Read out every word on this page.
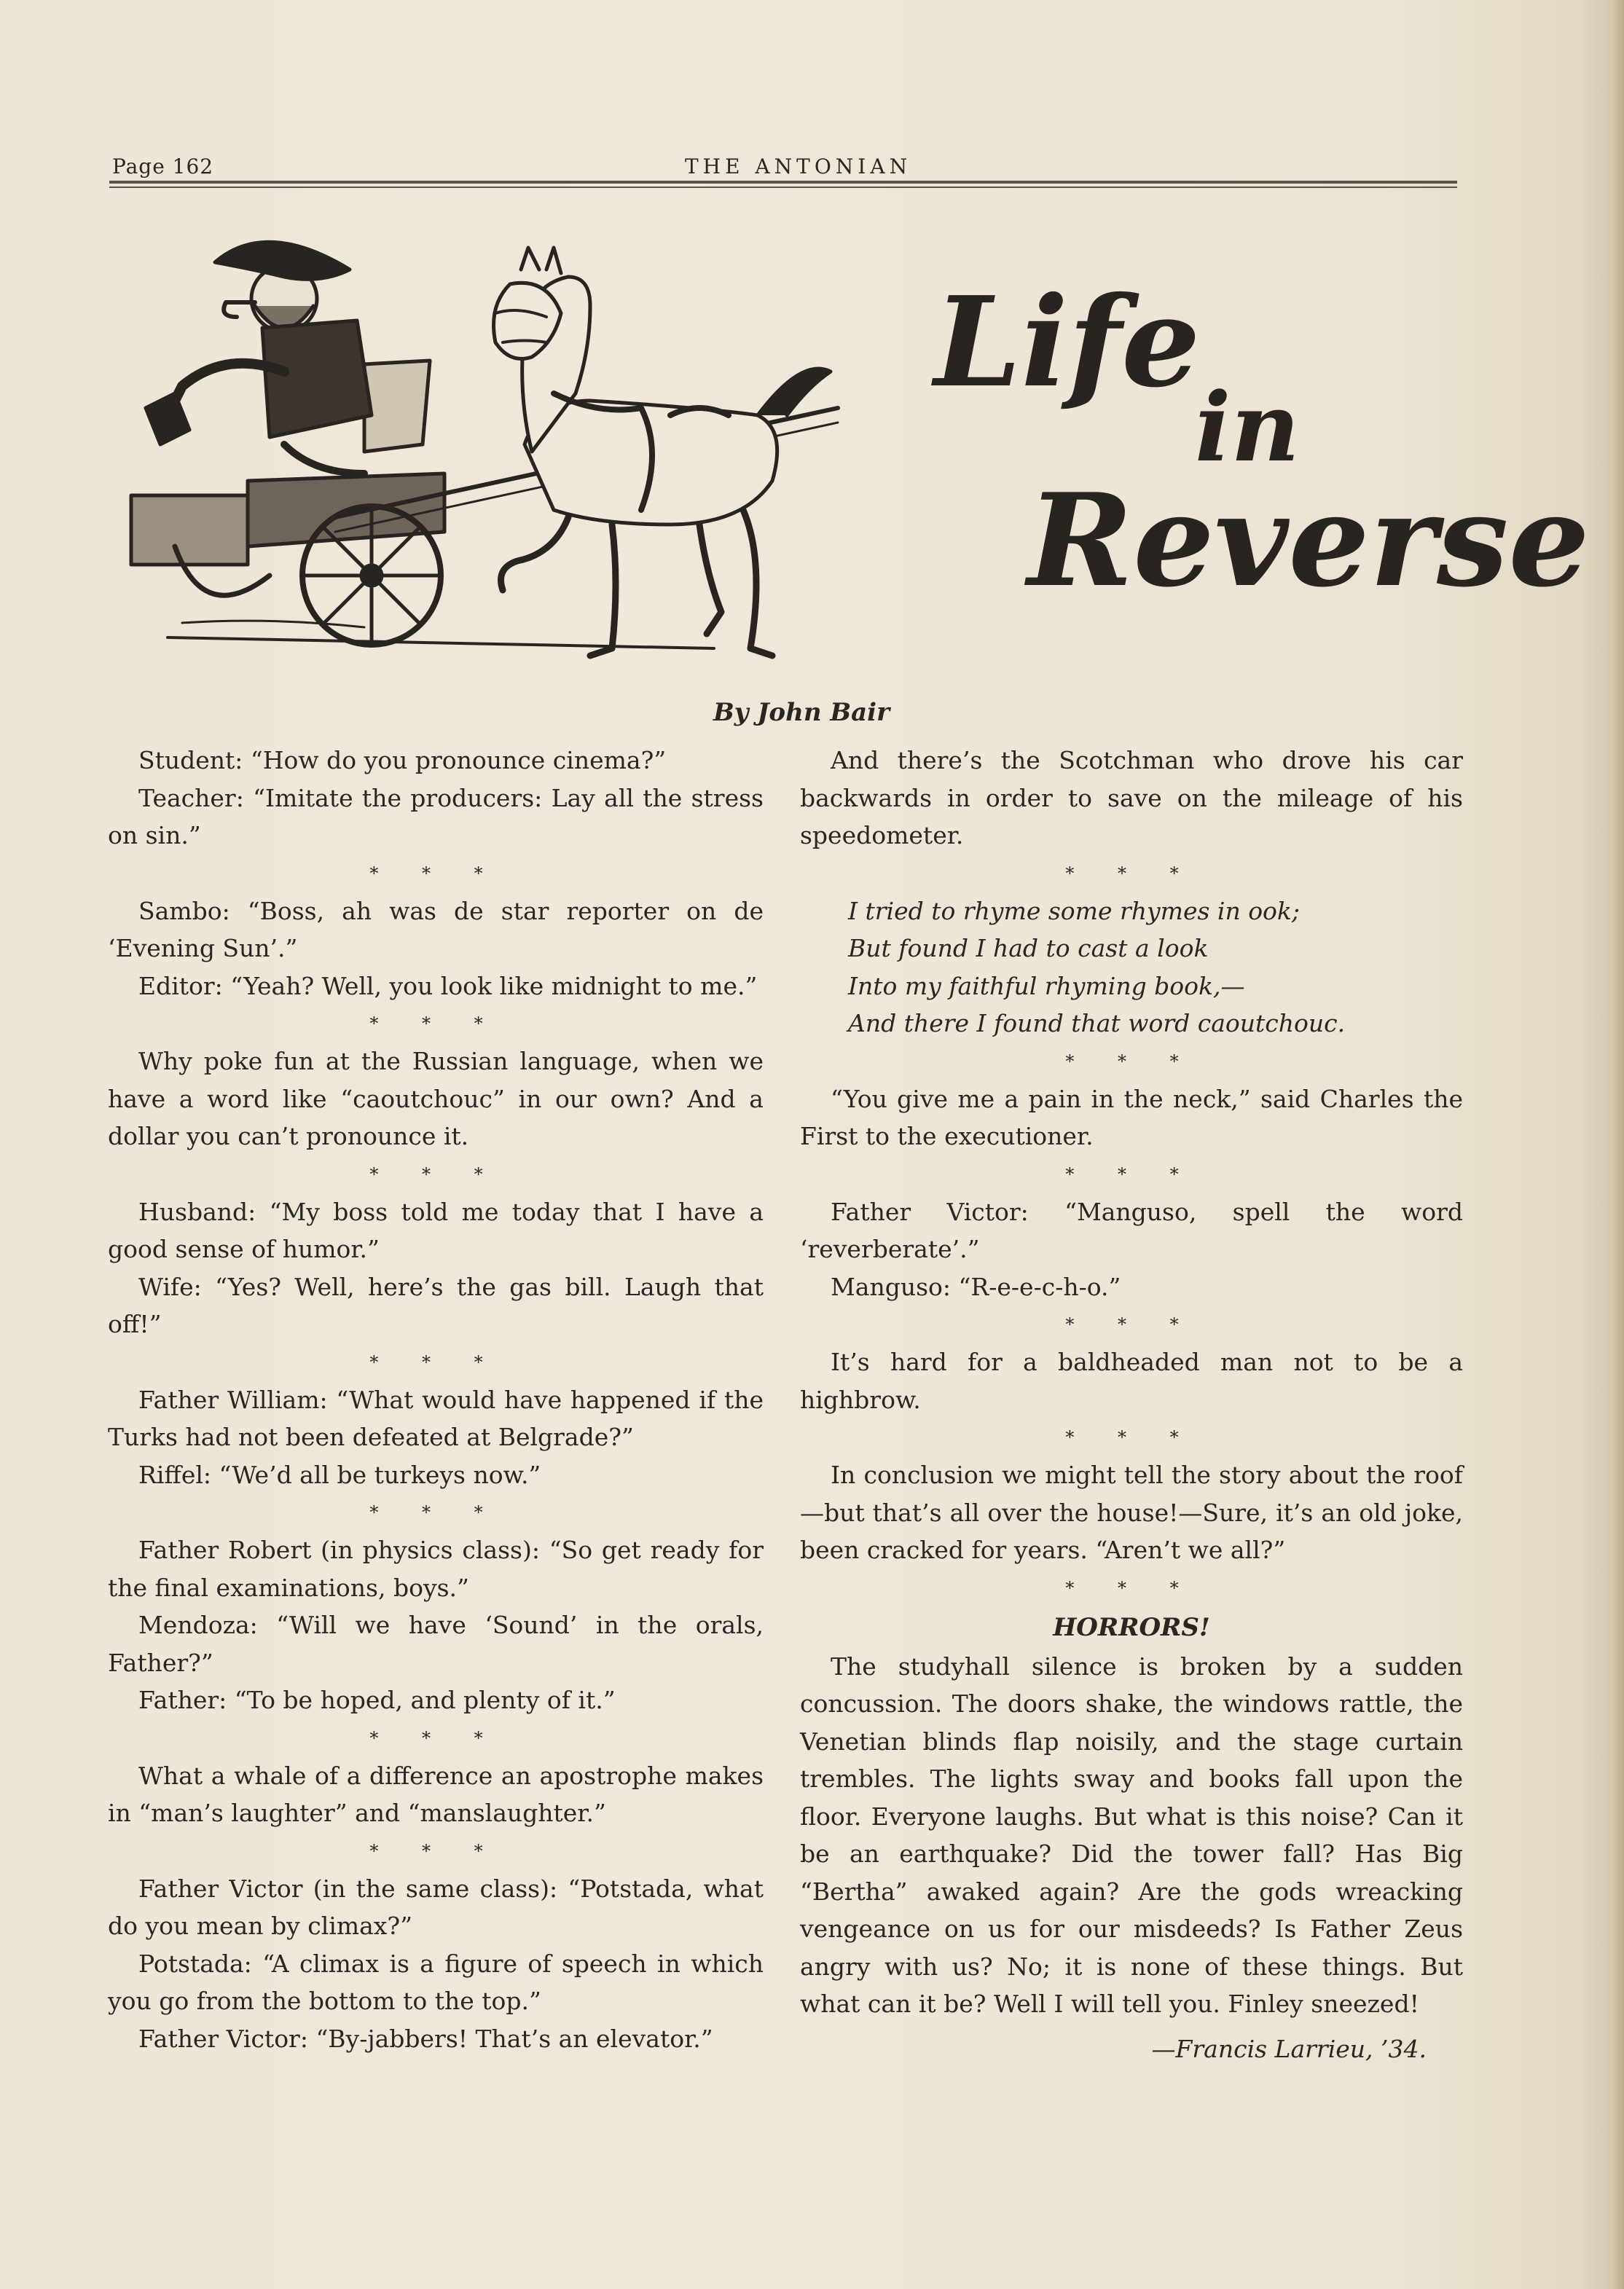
Page 162	THE ANTONIAN
Life
in
Reverse
By John Bair

Student: “How do you pronounce cinema?”

Teacher: “Imitate the producers: Lay all the stress on sin.”

* * *

Sambo: “Boss, ah was de star reporter on de ‘Evening Sun’.”

Editor: “Yeah? Well, you look like midnight to me.”

* * *

Why poke fun at the Russian language, when we have a word like “caoutchouc” in our own? And a dollar you can’t pronounce it.

* * *

Husband: “My boss told me today that I have a good sense of humor.”

Wife: “Yes? Well, here’s the gas bill. Laugh that off!”

* * *

Father William: “What would have happened if the Turks had not been defeated at Belgrade?”

Riffel: “We’d all be turkeys now.”

* * *

Father Robert (in physics class): “So get ready for the final examinations, boys.”

Mendoza: “Will we have ‘Sound’ in the orals, Father?”

Father: “To be hoped, and plenty of it.”

* * *

What a whale of a difference an apostrophe makes in “man’s laughter” and “manslaughter.”

* * *

Father Victor (in the same class): “Potstada, what do you mean by climax?”

Potstada: “A climax is a figure of speech in which you go from the bottom to the top.”

Father Victor: “By-jabbers! That’s an elevator.”

And there’s the Scotchman who drove his car backwards in order to save on the mileage of his speedometer.

* * *
I tried to rhyme some rhymes in ook;
But found I had to cast a look
Into my faithful rhyming book,—
And there I found that word caoutchouc.
* * *

“You give me a pain in the neck,” said Charles the First to the executioner.

* * *

Father Victor: “Manguso, spell the word ‘reverberate’.”

Manguso: “R-e-e-c-h-o.”

* * *

It’s hard for a baldheaded man not to be a highbrow.

* * *

In conclusion we might tell the story about the roof—but that’s all over the house!—Sure, it’s an old joke, been cracked for years. “Aren’t we all?”

* * *
HORRORS!

The studyhall silence is broken by a sudden concussion. The doors shake, the windows rattle, the Venetian blinds flap noisily, and the stage curtain trembles. The lights sway and books fall upon the floor. Everyone laughs. But what is this noise? Can it be an earthquake? Did the tower fall? Has Big “Bertha” awaked again? Are the gods wreacking vengeance on us for our misdeeds? Is Father Zeus angry with us? No; it is none of these things. But what can it be? Well I will tell you. Finley sneezed!

—Francis Larrieu, ’34.
